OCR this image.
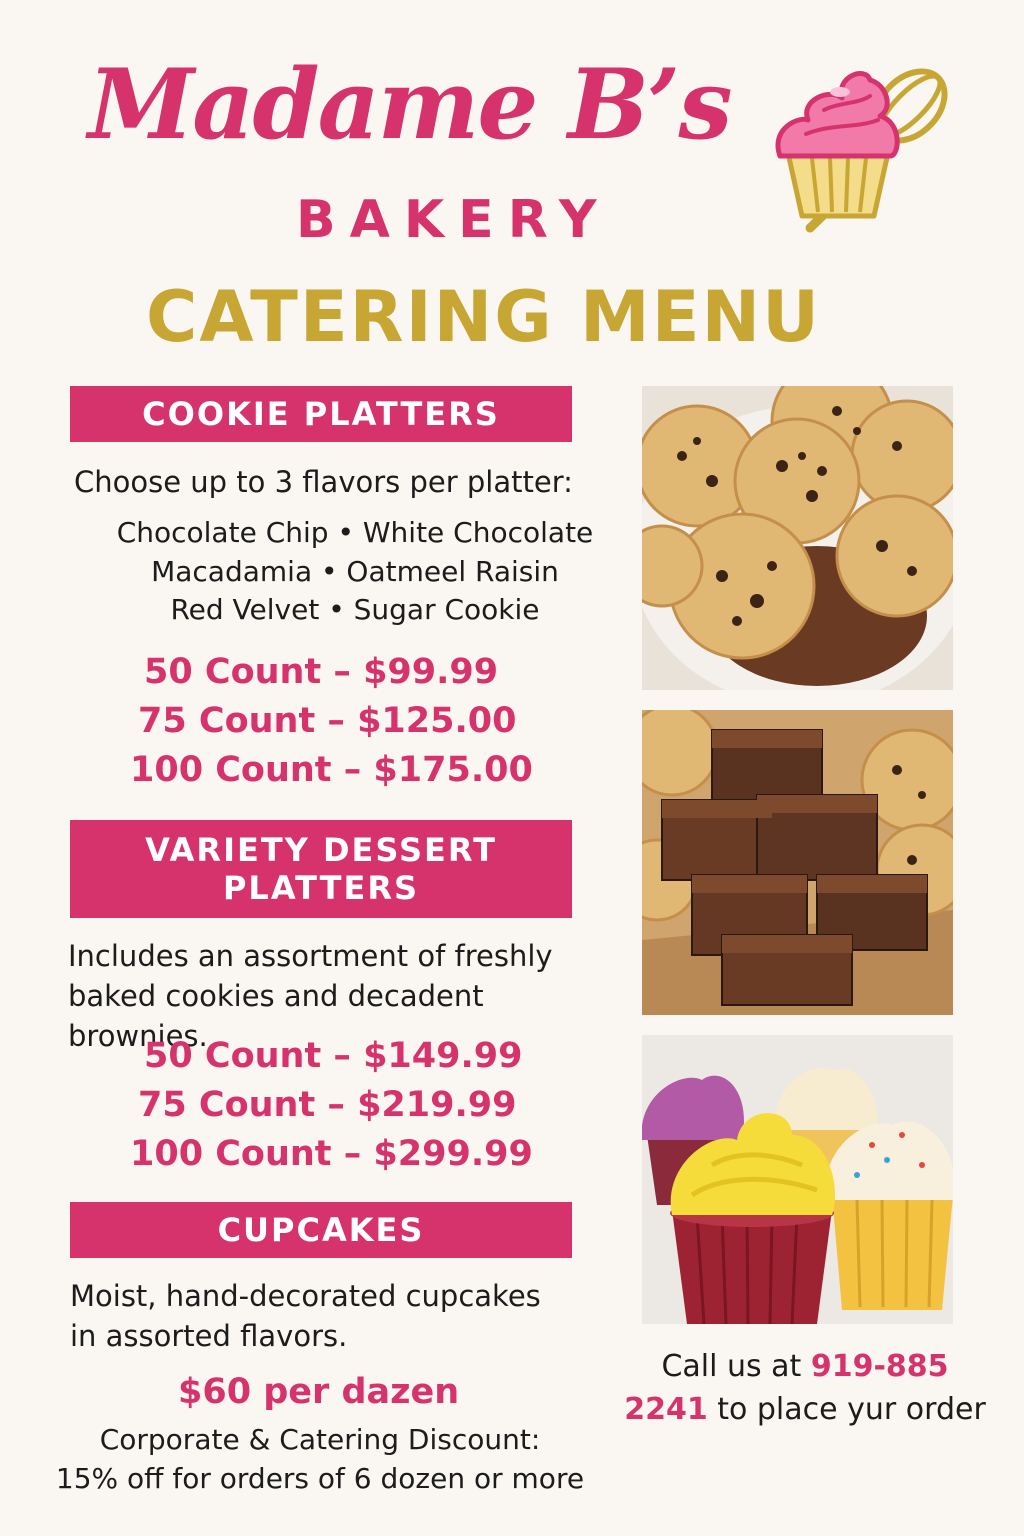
Madame B’s
BAKERY
CATERING MENU
COOKIE PLATTERS
Choose up to 3 flavors per platter:
Chocolate Chip • White Chocolate
Macadamia • Oatmeel Raisin
Red Velvet • Sugar Cookie
50 Count – $99.99
75 Count – $125.00
100 Count – $175.00
VARIETY DESSERT PLATTERS
Includes an assortment of freshly
baked cookies and decadent brownies.
50 Count – $149.99
75 Count – $219.99
100 Count – $299.99
CUPCAKES
Moist, hand-decorated cupcakes
in assorted flavors.
$60 per dazen
Corporate & Catering Discount:
15% off for orders of 6 dozen or more
Call us at 919-885
2241 to place yur order
